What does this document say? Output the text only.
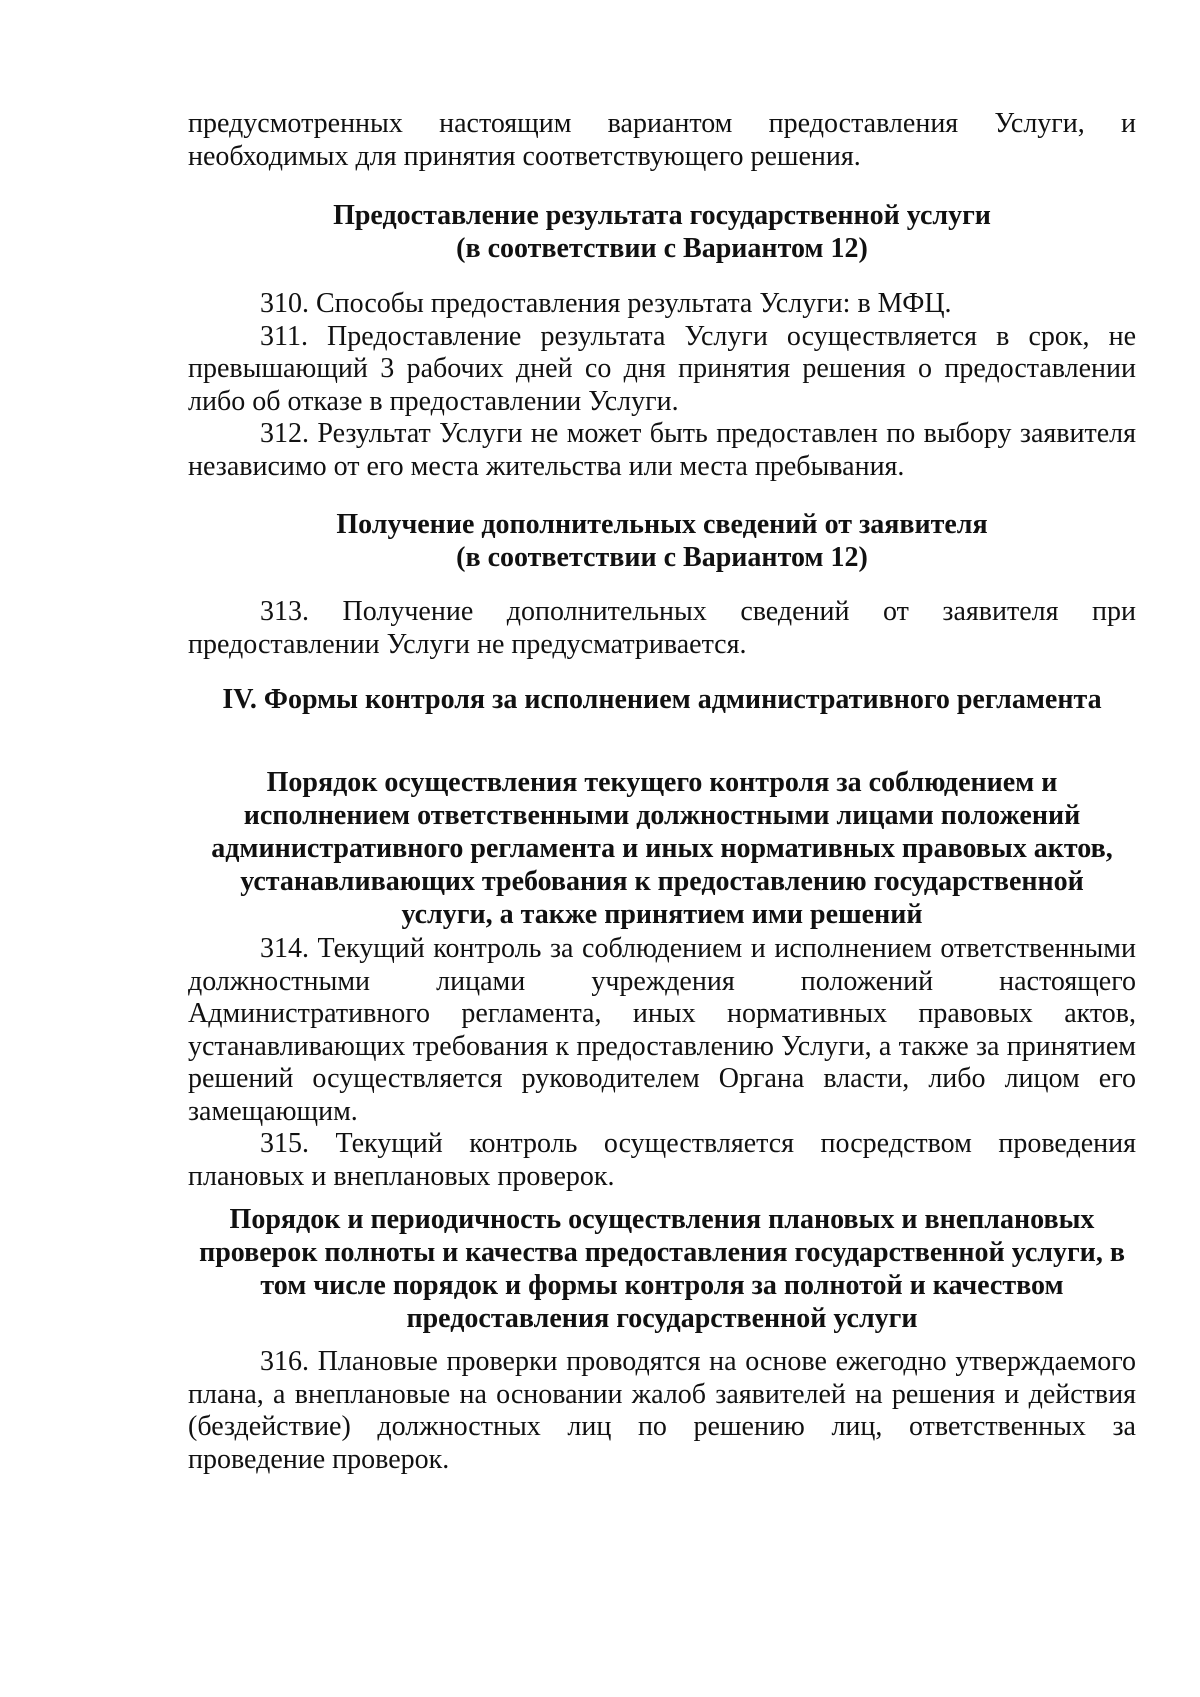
предусмотренных настоящим вариантом предоставления Услуги, и необходимых для принятия соответствующего решения.

Предоставление результата государственной услуги
(в соответствии с Вариантом 12)

310. Способы предоставления результата Услуги: в МФЦ.

311. Предоставление результата Услуги осуществляется в срок, не превышающий 3 рабочих дней со дня принятия решения о предоставлении либо об отказе в предоставлении Услуги.

312. Результат Услуги не может быть предоставлен по выбору заявителя независимо от его места жительства или места пребывания.

Получение дополнительных сведений от заявителя
(в соответствии с Вариантом 12)

313. Получение дополнительных сведений от заявителя при предоставлении Услуги не предусматривается.

IV. Формы контроля за исполнением административного регламента
Порядок осуществления текущего контроля за соблюдением и
исполнением ответственными должностными лицами положений
административного регламента и иных нормативных правовых актов,
устанавливающих требования к предоставлению государственной
услуги, а также принятием ими решений

314. Текущий контроль за соблюдением и исполнением ответственными должностными лицами учреждения положений настоящего Административного регламента, иных нормативных правовых актов, устанавливающих требования к предоставлению Услуги, а также за принятием решений осуществляется руководителем Органа власти, либо лицом его замещающим.

315. Текущий контроль осуществляется посредством проведения плановых и внеплановых проверок.

Порядок и периодичность осуществления плановых и внеплановых
проверок полноты и качества предоставления государственной услуги, в
том числе порядок и формы контроля за полнотой и качеством
предоставления государственной услуги

316. Плановые проверки проводятся на основе ежегодно утверждаемого плана, а внеплановые на основании жалоб заявителей на решения и действия (бездействие) должностных лиц по решению лиц, ответственных за проведение проверок.
